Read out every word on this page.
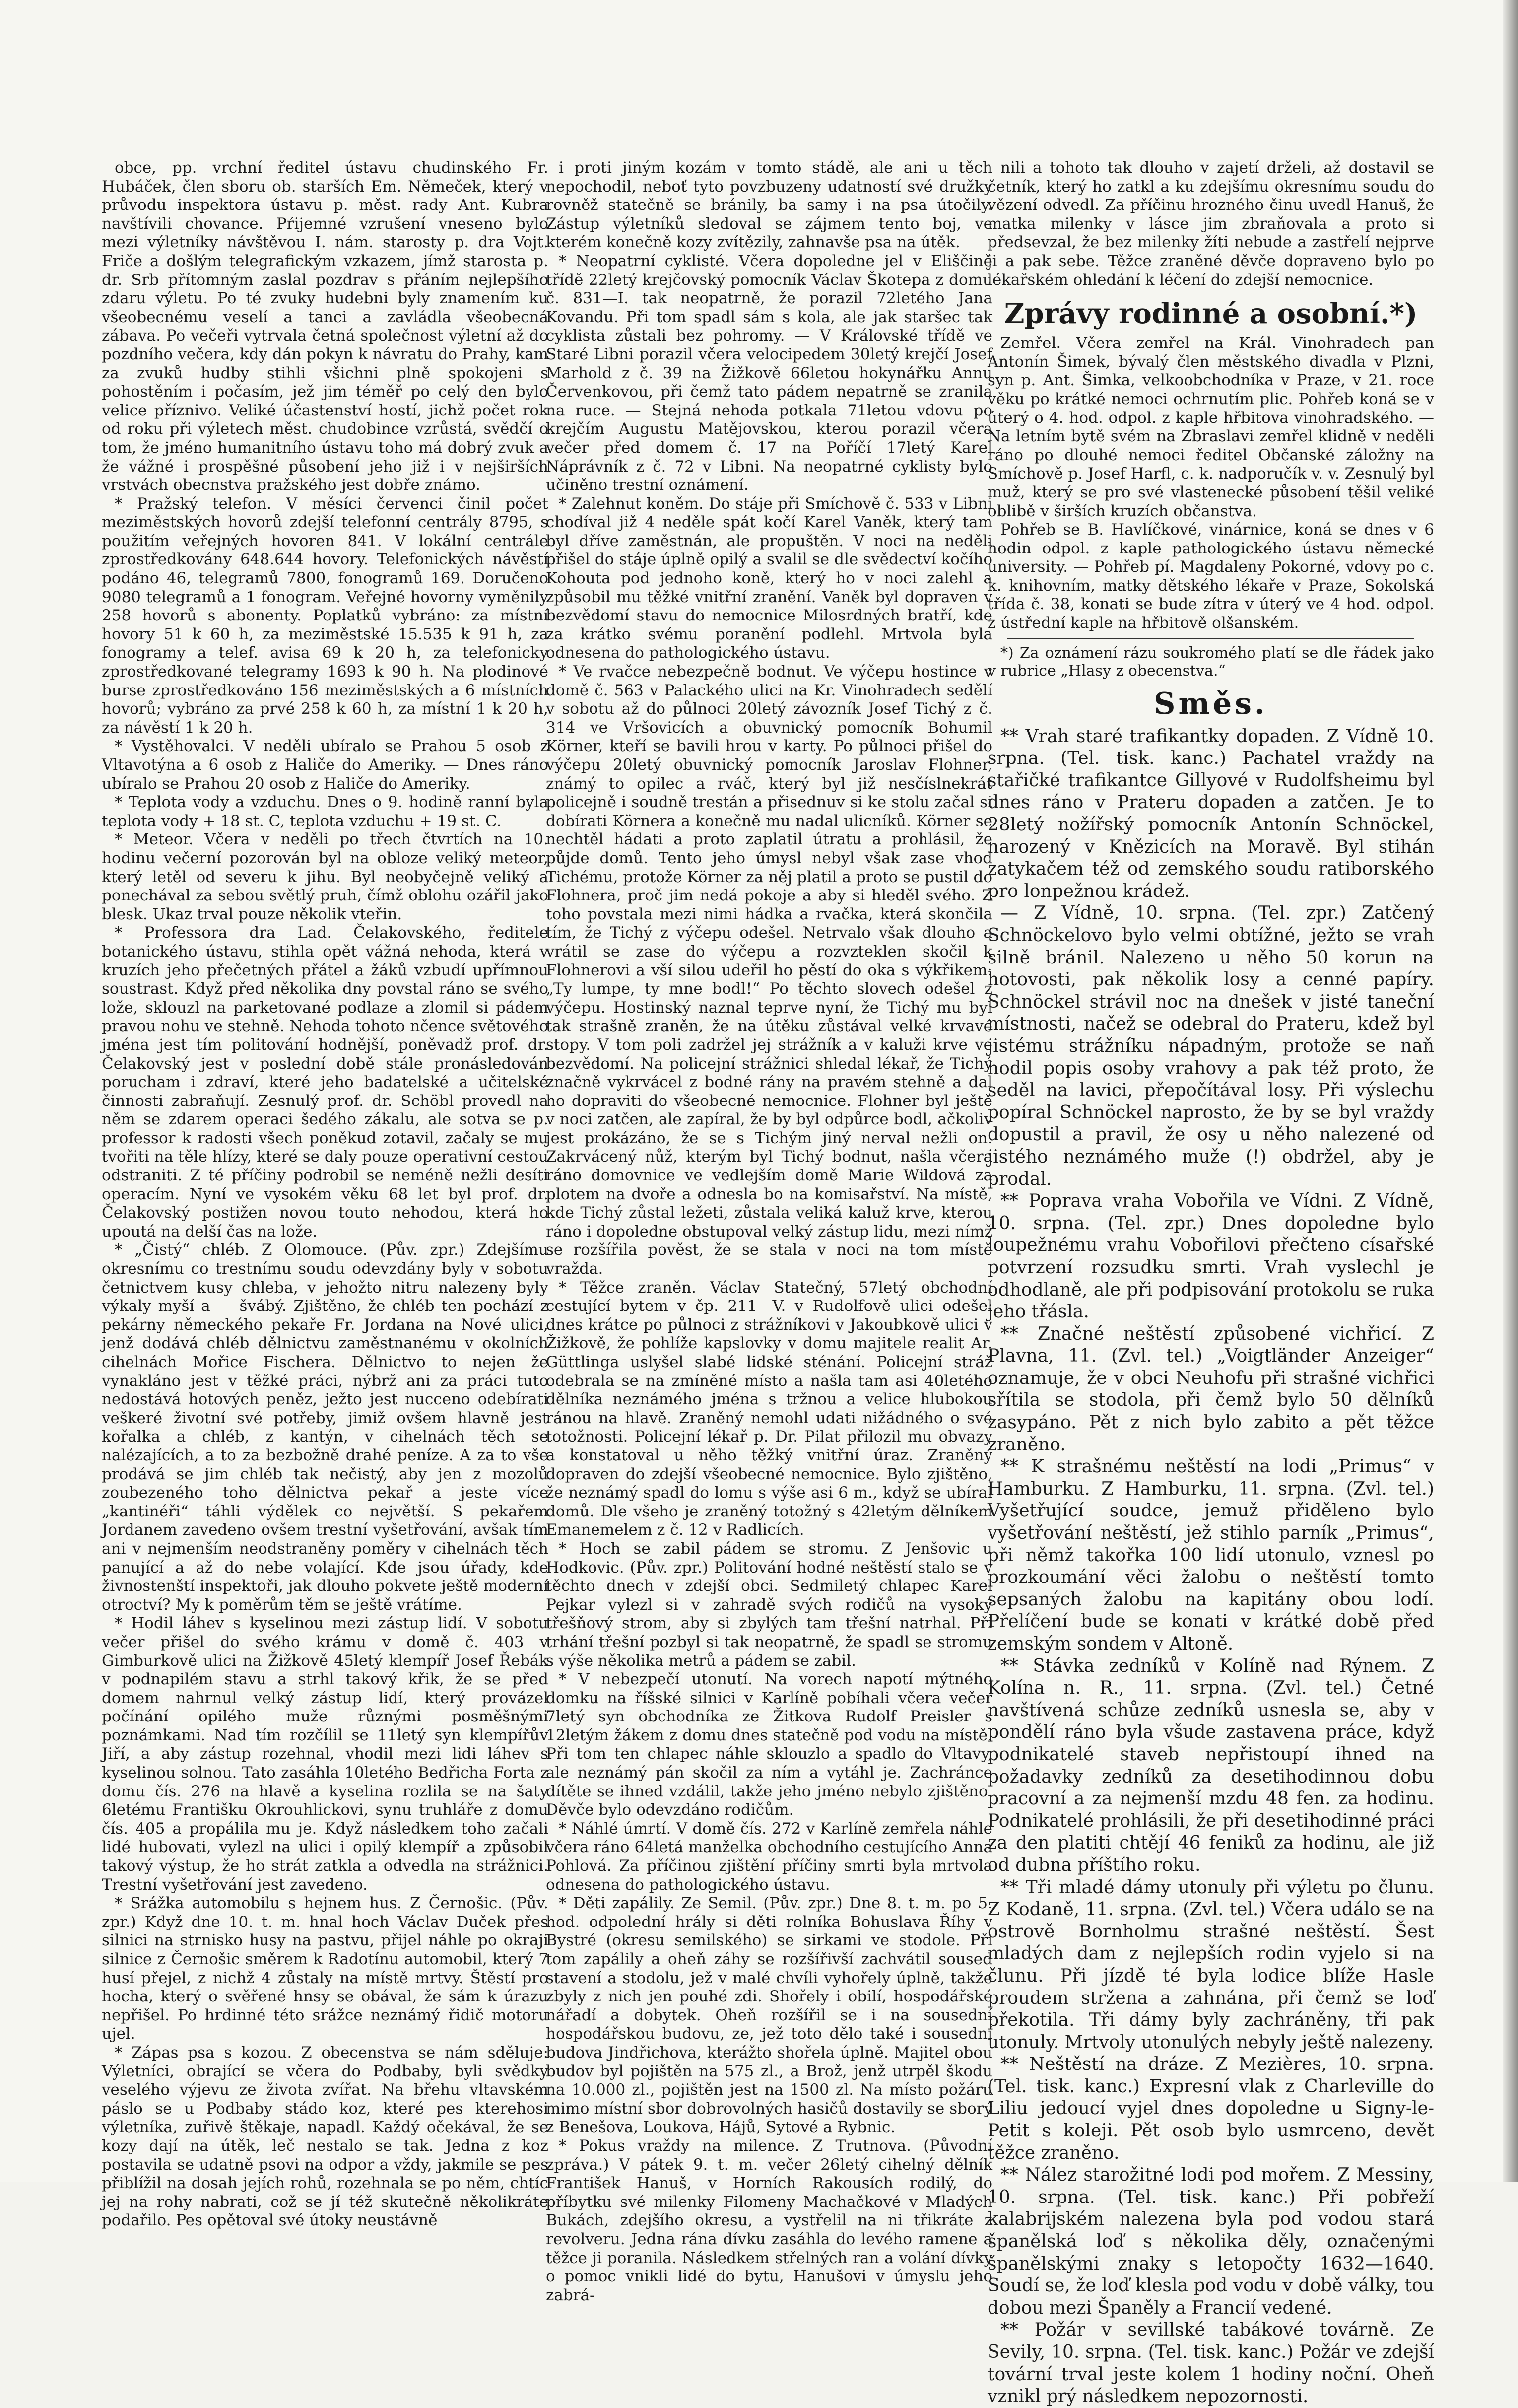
obce, pp. vrchní ředitel ústavu chudinského Fr. Hubáček, člen sboru ob. starších Em. Němeček, který v průvodu inspektora ústavu p. měst. rady Ant. Kubra navštívili chovance. Pŕijemné vzrušení vneseno bylo mezi výletníky návštěvou I. nám. starosty p. dra Vojt. Friče a došlým telegrafickým vzkazem, jímž starosta p. dr. Srb přítomným zaslal pozdrav s přáním nejlepšího zdaru výletu. Po té zvuky hudebni byly znamením ku všeobecnému veselí a tanci a zavládla všeobecná zábava. Po večeři vytrvala četná společnost výletní až do pozdního večera, kdy dán pokyn k návratu do Prahy, kam za zvuků hudby stihli všichni plně spokojeni s pohostěním i počasím, jež jim téměř po celý den bylo velice příznivo. Veliké účastenství hostí, jichž počet rok od roku při výletech měst. chudobince vzrůstá, svědčí o tom, že jméno humanitního ústavu toho má dobrý zvuk a že vážné i prospěšné působení jeho již i v nejširších vrstvách obecnstva pražského jest dobře známo.

* Pražský telefon. V měsíci červenci činil počet meziměstských hovorů zdejší telefonní centrály 8795, s použitím veřejných hovoren 841. V lokální centrále zprostředkovány 648.644 hovory. Telefonických návěstí podáno 46, telegramů 7800, fonogramů 169. Doručeno 9080 telegramů a 1 fonogram. Veřejné hovorny vyměnily 258 hovorů s abonenty. Poplatků vybráno: za místní hovory 51 k 60 h, za meziměstské 15.535 k 91 h, za fonogramy a telef. avisa 69 k 20 h, za telefonicky zprostředkované telegramy 1693 k 90 h. Na plodinové burse zprostředkováno 156 meziměstských a 6 místních hovorů; vybráno za prvé 258 k 60 h, za místní 1 k 20 h, za návěstí 1 k 20 h.

* Vystěhovalci. V neděli ubíralo se Prahou 5 osob z Vltavotýna a 6 osob z Haliče do Ameriky. — Dnes ráno ubíralo se Prahou 20 osob z Haliče do Ameriky.

* Teplota vody a vzduchu. Dnes o 9. hodině ranní byla teplota vody + 18 st. C, teplota vzduchu + 19 st. C.

* Meteor. Včera v neděli po třech čtvrtích na 10. hodinu večerní pozorován byl na obloze veliký meteor, který letěl od severu k jihu. Byl neobyčejně veliký a ponechával za sebou světlý pruh, čímž oblohu ozářil jako blesk. Ukaz trval pouze několik vteřin.

* Professora dra Lad. Čelakovského, ředitele botanického ústavu, stihla opět vážná nehoda, která v kruzích jeho přečetných přátel a žáků vzbudí upřímnou soustrast. Když před několika dny povstal ráno se svého lože, sklouzl na parketované podlaze a zlomil si pádem pravou nohu ve stehně. Nehoda tohoto nčence světového jména jest tím politování hodnější, poněvadž prof. dr. Čelakovský jest v poslední době stále pronásledován porucham i zdraví, které jeho badatelské a učitelské činnosti zabraňují. Zesnulý prof. dr. Schöbl provedl na něm se zdarem operaci šedého zákalu, ale sotva se p. professor k radosti všech poněkud zotavil, začaly se mu tvořiti na těle hlízy, které se daly pouze operativní cestou odstraniti. Z té příčiny podrobil se neméně nežli desíti operacím. Nyní ve vysokém věku 68 let byl prof. dr. Čelakovský postižen novou touto nehodou, která ho upoutá na delší čas na lože.

* „Čistý“ chléb. Z Olomouce. (Pův. zpr.) Zdejšímu okresnímu co trestnímu soudu odevzdány byly v sobotu četnictvem kusy chleba, v jehožto nitru nalezeny byly výkaly myší a — švábý. Zjištěno, že chléb ten pochází z pekárny německého pekaře Fr. Jordana na Nové ulici, jenž dodává chléb dělnictvu zaměstnanému v okolních cihelnách Mořice Fischera. Dělnictvo to nejen že vynakláno jest v těžké práci, nýbrž ani za práci tuto nedostává hotových peněz, ježto jest nucceno odebírati veškeré životní své potřeby, jimiž ovšem hlavně jest kořalka a chléb, z kantýn, v cihelnách těch se nalézajících, a to za bezbožně drahé peníze. A za to vše prodává se jim chléb tak nečistý, aby jen z mozolů zoubezeného toho dělnictva pekař a jeste více „kantinéři“ táhli výdělek co největší. S pekařem Jordanem zavedeno ovšem trestní vyšetřování, avšak tím ani v nejmenším neodstraněny poměry v cihelnách těch panující a až do nebe volající. Kde jsou úřady, kde živnostenští inspektoři, jak dlouho pokvete ještě moderní otroctví? My k poměrům těm se ještě vrátíme.

* Hodil láhev s kyselinou mezi zástup lidí. V sobotu večer přišel do svého krámu v domě č. 403 v Gimburkově ulici na Žižkově 45letý klempíř Josef Řebák v podnapilém stavu a strhl takový křik, že se před domem nahrnul velký zástup lidí, který provázel počínání opilého muže různými posměšnými poznámkami. Nad tím rozčílil se 11letý syn klempířův Jiří, a aby zástup rozehnal, vhodil mezi lidi láhev s kyselinou solnou. Tato zasáhla 10letého Bedřicha Forta z domu čís. 276 na hlavě a kyselina rozlila se na šaty 6letému Františku Okrouhlickovi, synu truhláře z domu čís. 405 a propálila mu je. Když následkem toho začali lidé hubovati, vylezl na ulici i opilý klempíř a způsobil takový výstup, že ho strát zatkla a odvedla na strážnici. Trestní vyšetřování jest zavedeno.

* Srážka automobilu s hejnem hus. Z Černošic. (Pův. zpr.) Když dne 10. t. m. hnal hoch Václav Duček přes silnici na strnisko husy na pastvu, přijel náhle po okraji silnice z Černošic směrem k Radotínu automobil, který 7 husí přejel, z nichž 4 zůstaly na místě mrtvy. Štěstí pro hocha, který o svěřené hnsy se obával, že sám k úrazu nepřišel. Po hrdinné této srážce neznámý řidič motoru ujel.

* Zápas psa s kozou. Z obecenstva se nám sděluje: Výletníci, obrající se včera do Podbaby, byli svědky veselého výjevu ze života zvířat. Na břehu vltavském páslo se u Podbaby stádo koz, které pes kterehosi výletníka, zuřivě štěkaje, napadl. Každý očekával, že se kozy dají na útěk, leč nestalo se tak. Jedna z koz postavila se udatně psovi na odpor a vždy, jakmile se pes přiblížil na dosah jejích rohů, rozehnala se po něm, chtíc jej na rohy nabrati, což se jí též skutečně několikráte podařilo. Pes opětoval své útoky neustávně

i proti jiným kozám v tomto stádě, ale ani u těch nepochodil, neboť tyto povzbuzeny udatností své družky rovněž statečně se bránily, ba samy i na psa útočily. Zástup výletníků sledoval se zájmem tento boj, ve kterém konečně kozy zvítězily, zahnavše psa na útěk.

* Neopatrní cyklisté. Včera dopoledne jel v Eliščině třídě 22letý krejčovský pomocník Václav Škotepa z domu č. 831—I. tak neopatrně, že porazil 72letého Jana Kovandu. Při tom spadl sám s kola, ale jak staršec tak cyklista zůstali bez pohromy. — V Královské třídě ve Staré Libni porazil včera velocipedem 30letý krejčí Josef Marhold z č. 39 na Žižkově 66letou hokynářku Annu Červenkovou, při čemž tato pádem nepatrně se zranila na ruce. — Stejná nehoda potkala 71letou vdovu po krejčím Augustu Matějovskou, kterou porazil včera večer před domem č. 17 na Poříčí 17letý Karel Náprávník z č. 72 v Libni. Na neopatrné cyklisty bylo učiněno trestní oznámení.

* Zalehnut koněm. Do stáje při Smíchově č. 533 v Libni chodíval již 4 neděle spát kočí Karel Vaněk, který tam byl dříve zaměstnán, ale propuštěn. V noci na neděli přišel do stáje úplně opilý a svalil se dle svědectví kočího Kohouta pod jednoho koně, který ho v noci zalehl a způsobil mu těžké vnitřní zranění. Vaněk byl dopraven v bezvědomí stavu do nemocnice Milosrdných bratří, kde za krátko svému poranění podlehl. Mrtvola byla odnesena do pathologického ústavu.

* Ve rvačce nebezpečně bodnut. Ve výčepu hostince v domě č. 563 v Palackého ulici na Kr. Vinohradech sedělí v sobotu až do půlnoci 20letý závozník Josef Tichý z č. 314 ve Vršovicích a obuvnický pomocník Bohumil Körner, kteří se bavili hrou v karty. Po půlnoci přišel do výčepu 20letý obuvnický pomocník Jaroslav Flohner, známý to opilec a rváč, který byl již nesčíslnekrát policejně i soudně trestán a přisednuv si ke stolu začal si dobírati Körnera a konečně mu nadal ulicníků. Körner se nechtěl hádati a proto zaplatil útratu a prohlásil, že půjde domů. Tento jeho úmysl nebyl však zase vhod Tichému, protože Körner za něj platil a proto se pustil do Flohnera, proč jim nedá pokoje a aby si hleděl svého. Z toho povstala mezi nimi hádka a rvačka, která skončila tím, že Tichý z výčepu odešel. Netrvalo však dlouho a vrátil se zase do výčepu a rozvzteklen skočil k Flohnerovi a vší silou udeřil ho pěstí do oka s výkřikem: „Ty lumpe, ty mne bodl!“ Po těchto slovech odešel z výčepu. Hostinský naznal teprve nyní, že Tichý mu byl tak strašně zraněn, že na útěku zůstával velké krvavé stopy. V tom poli zadržel jej strážník a v kaluži krve ve bezvědomí. Na policejní strážnici shledal lékař, že Tichý značně vykrvácel z bodné rány na pravém stehně a dal ho dopraviti do všeobecné nemocnice. Flohner byl ještě v noci zatčen, ale zapíral, že by byl odpůrce bodl, ačkoliv jest prokázáno, že se s Tichým jiný nerval nežli on. Zakrvácený nůž, kterým byl Tichý bodnut, našla včera ráno domovnice ve vedlejším domě Marie Wildová za plotem na dvoře a odnesla bo na komisařství. Na místě, kde Tichý zůstal ležeti, zůstala veliká kaluž krve, kterou ráno i dopoledne obstupoval velký zástup lidu, mezi nímž se rozšířila pověst, že se stala v noci na tom místě vražda.

* Těžce zraněn. Václav Statečný, 57letý obchodní cestující bytem v čp. 211—V. v Rudolfově ulici odešel dnes krátce po půlnoci z strážníkovi v Jakoubkově ulici v Žižkově, že pohlíže kapslovky v domu majitele realit Ar. Güttlinga uslyšel slabé lidské sténání. Policejní stráž odebrala se na zmíněné místo a našla tam asi 40letého dělníka neznámého jména s tržnou a velice hlubokou ránou na hlavě. Zraněný nemohl udati nižádného o své totožnosti. Policejní lékař p. Dr. Pilat přilozil mu obvazy a konstatoval u něho těžký vnitřní úraz. Zraněný dopraven do zdejší všeobecné nemocnice. Bylo zjištěno, že neznámý spadl do lomu s výše asi 6 m., když se ubíral domů. Dle všeho je zraněný totožný s 42letým dělníkem Emanemelem z č. 12 v Radlicích.

* Hoch se zabil pádem se stromu. Z Jenšovic u Hodkovic. (Pův. zpr.) Politování hodné neštěstí stalo se v těchto dnech v zdejší obci. Sedmiletý chlapec Karel Pejkar vylezl si v zahradě svých rodičů na vysoký třešňový strom, aby si zbylých tam třešní natrhal. Při trhání třešní pozbyl si tak neopatrně, že spadl se stromu s výše několika metrů a pádem se zabil.

* V nebezpečí utonutí. Na vorech napotí mýtného domku na říšské silnici v Karlíně pobíhali včera večer 7letý syn obchodníka ze Žitkova Rudolf Preisler s 12letým žákem z domu dnes statečně pod vodu na místě. Při tom ten chlapec náhle sklouzlo a spadlo do Vltavy, ale neznámý pán skočil za ním a vytáhl je. Zachránce dítěte se ihned vzdálil, takže jeho jméno nebylo zjištěno. Děvče bylo odevzdáno rodičům.

* Náhlé úmrtí. V domě čís. 272 v Karlíně zemřela náhle včera ráno 64letá manželka obchodního cestujícího Anna Pohlová. Za příčinou zjištění příčiny smrti byla mrtvola odnesena do pathologického ústavu.

* Děti zapálily. Ze Semil. (Pův. zpr.) Dne 8. t. m. po 5. hod. odpolední hrály si děti rolníka Bohuslava Říhy v Bystré (okresu semilského) se sirkami ve stodole. Při tom zapálily a oheň záhy se rozšířivší zachvátil soused stavení a stodolu, jež v malé chvíli vyhořely úplně, takže zbyly z nich jen pouhé zdi. Shořely i obilí, hospodářské nářadí a dobytek. Oheň rozšířil se i na sousední hospodářskou budovu, ze, jež toto dělo také i sousední budova Jindřichova, kterážto shořela úplně. Majitel obou budov byl pojištěn na 575 zl., a Brož, jenž utrpěl škodu na 10.000 zl., pojištěn jest na 1500 zl. Na místo požáru mimo místní sbor dobrovolných hasičů dostavily se sborý z Benešova, Loukova, Hájů, Sytové a Rybnic.

* Pokus vraždy na milence. Z Trutnova. (Původní zpráva.) V pátek 9. t. m. večer 26letý cihelný dělník František Hanuš, v Horních Rakousích rodilý, do příbytku své milenky Filomeny Machačkové v Mladých Bukách, zdejšího okresu, a vystřelil na ni třikráte z revolveru. Jedna rána dívku zasáhla do levého ramene a těžce ji poranila. Následkem střelných ran a volání dívky o pomoc vnikli lidé do bytu, Hanušovi v úmyslu jeho zabrá-

nili a tohoto tak dlouho v zajetí drželi, až dostavil se četník, který ho zatkl a ku zdejšímu okresnímu soudu do vězení odvedl. Za příčinu hrozného činu uvedl Hanuš, že matka milenky v lásce jim zbraňovala a proto si předsevzal, že bez milenky žíti nebude a zastřelí nejprve ji a pak sebe. Těžce zraněné děvče dopraveno bylo po lékařském ohledání k léčení do zdejší nemocnice.

Zprávy rodinné a osobní.*)

Zemřel. Včera zemřel na Král. Vinohradech pan Antonín Šimek, bývalý člen městského divadla v Plzni, syn p. Ant. Šimka, velkoobchodníka v Praze, v 21. roce věku po krátké nemoci ochrnutím plic. Pohřeb koná se v úterý o 4. hod. odpol. z kaple hřbitova vinohradského. — Na letním bytě svém na Zbraslavi zemřel klidně v neděli ráno po dlouhé nemoci ředitel Občanské záložny na Smíchově p. Josef Harfl, c. k. nadporučík v. v. Zesnulý byl muž, který se pro své vlastenecké působení těšil veliké oblibě v širších kruzích občanstva.

Pohřeb se B. Havlíčkové, vinárnice, koná se dnes v 6 hodin odpol. z kaple pathologického ústavu německé university. — Pohřeb pí. Magdaleny Pokorné, vdovy po c. k. knihovním, matky dětského lékaře v Praze, Sokolská třída č. 38, konati se bude zítra v úterý ve 4 hod. odpol. z ústřední kaple na hřbitově olšanském.

*) Za oznámení rázu soukromého platí se dle řádek jako v rubrice „Hlasy z obecenstva.“

Směs.

** Vrah staré trafikantky dopaden. Z Vídně 10. srpna. (Tel. tisk. kanc.) Pachatel vraždy na stařičké trafikantce Gillyové v Rudolfsheimu byl dnes ráno v Prateru dopaden a zatčen. Je to 28letý nožířský pomocník Antonín Schnöckel, narozený v Knězicích na Moravě. Byl stihán zatykačem též od zemského soudu ratiborského pro lonpežnou krádež.

— Z Vídně, 10. srpna. (Tel. zpr.) Zatčený Schnöckelovo bylo velmi obtížné, ježto se vrah silně bránil. Nalezeno u něho 50 korun na hotovosti, pak několik losy a cenné papíry. Schnöckel strávil noc na dnešek v jisté taneční místnosti, načež se odebral do Prateru, kdež byl jistému strážníku nápadným, protože se naň hodil popis osoby vrahovy a pak též proto, že seděl na lavici, přepočítával losy. Při výslechu popíral Schnöckel naprosto, že by se byl vraždy dopustil a pravil, že osy u něho nalezené od jistého neznámého muže (!) obdržel, aby je prodal.

** Poprava vraha Vobořila ve Vídni. Z Vídně, 10. srpna. (Tel. zpr.) Dnes dopoledne bylo loupežnému vrahu Vobořilovi přečteno císařské potvrzení rozsudku smrti. Vrah vyslechl je odhodlaně, ale při podpisování protokolu se ruka jeho třásla.

** Značné neštěstí způsobené vichřicí. Z Plavna, 11. (Zvl. tel.) „Voigtländer Anzeiger“ oznamuje, že v obci Neuhofu při strašné vichřici sřítila se stodola, při čemž bylo 50 dělníků zasypáno. Pět z nich bylo zabito a pět těžce zraněno.

** K strašnému neštěstí na lodi „Primus“ v Hamburku. Z Hamburku, 11. srpna. (Zvl. tel.) Vyšetřující soudce, jemuž přiděleno bylo vyšetřování neštěstí, jež stihlo parník „Primus“, při němž takořka 100 lidí utonulo, vznesl po prozkoumání věci žalobu o neštěstí tomto sepsaných žalobu na kapitány obou lodí. Přelíčení bude se konati v krátké době před zemským sondem v Altoně.

** Stávka zedníků v Kolíně nad Rýnem. Z Kolína n. R., 11. srpna. (Zvl. tel.) Četné navštívená schůze zedníků usnesla se, aby v pondělí ráno byla všude zastavena práce, když podnikatelé staveb nepřistoupí ihned na požadavky zedníků za desetihodinnou dobu pracovní a za nejmenší mzdu 48 fen. za hodinu. Podnikatelé prohlásili, že při desetihodinné práci za den platiti chtějí 46 feniků za hodinu, ale již od dubna příštího roku.

** Tři mladé dámy utonuly při výletu po člunu. Z Kodaně, 11. srpna. (Zvl. tel.) Včera událo se na ostrově Bornholmu strašné neštěstí. Šest mladých dam z nejlepších rodin vyjelo si na člunu. Při jízdě té byla lodice blíže Hasle proudem stržena a zahnána, při čemž se loď překotila. Tři dámy byly zachráněny, tři pak utonuly. Mrtvoly utonulých nebyly ještě nalezeny.

** Neštěstí na dráze. Z Mezières, 10. srpna. (Tel. tisk. kanc.) Expresní vlak z Charleville do Liliu jedoucí vyjel dnes dopoledne u Signy-le-Petit s koleji. Pět osob bylo usmrceno, devět těžce zraněno.

** Nález starožitné lodi pod mořem. Z Messiny, 10. srpna. (Tel. tisk. kanc.) Při pobřeží kalabrijském nalezena byla pod vodou stará španělská loď s několika děly, označenými španělskými znaky s letopočty 1632—1640. Soudí se, že loď klesla pod vodu v době války, tou dobou mezi Španěly a Francií vedené.

** Požár v sevillské tabákové továrně. Ze Sevily, 10. srpna. (Tel. tisk. kanc.) Požár ve zdejší tovární trval jeste kolem 1 hodiny noční. Oheň vznikl prý následkem nepozornosti.
